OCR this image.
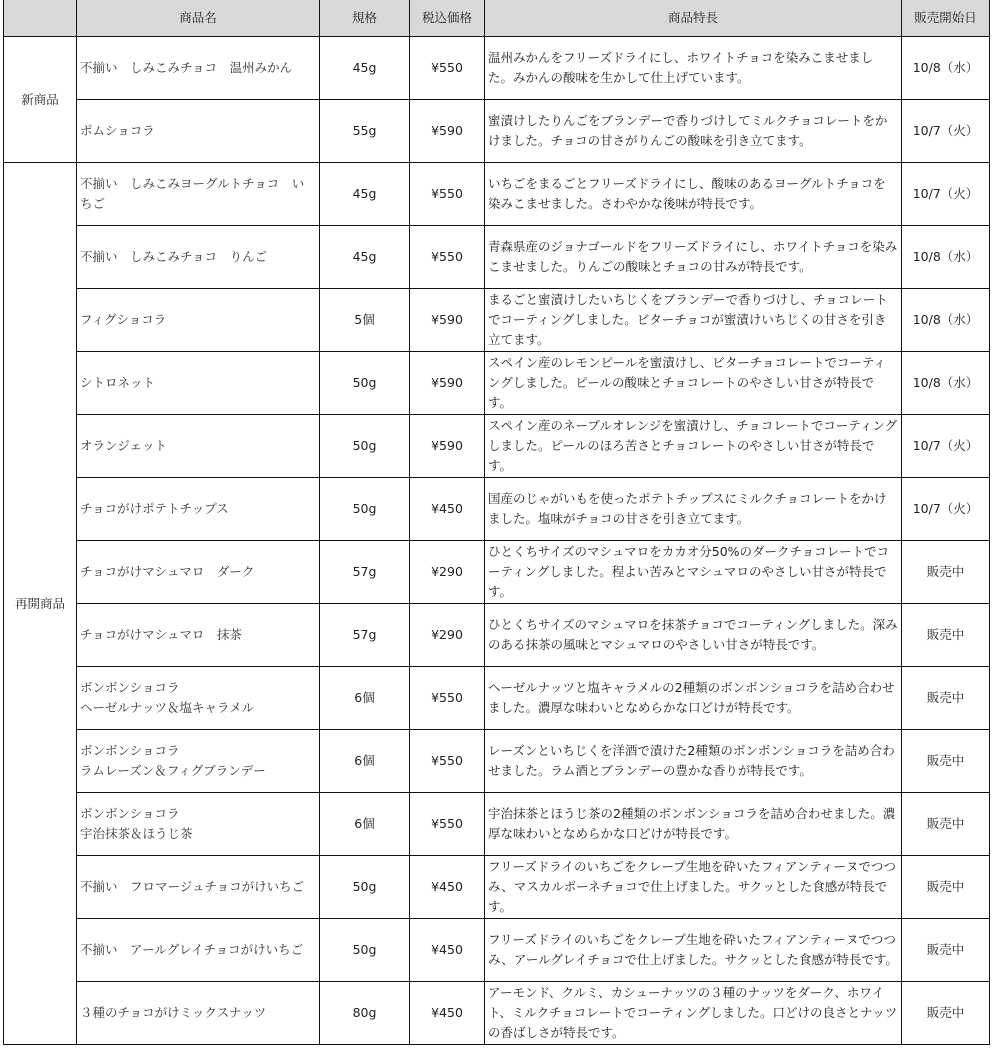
	商品名	規格	税込価格	商品特長	販売開始日
新商品	不揃い　しみこみチョコ　温州みかん	45g	¥550	温州みかんをフリーズドライにし、ホワイトチョコを染みこませました。みかんの酸味を生かして仕上げています。	10/8（水）

	ポムショコラ	55g	¥590	蜜漬けしたりんごをブランデーで香りづけしてミルクチョコレートをかけました。チョコの甘さがりんごの酸味を引き立てます。	10/7（火）
再開商品	不揃い　しみこみヨーグルトチョコ　いちご	45g	¥550	いちごをまるごとフリーズドライにし、酸味のあるヨーグルトチョコを染みこませました。さわやかな後味が特長です。	10/7（火）

	不揃い　しみこみチョコ　りんご	45g	¥550	青森県産のジョナゴールドをフリーズドライにし、ホワイトチョコを染みこませました。りんごの酸味とチョコの甘みが特長です。	10/8（水）

	フィグショコラ	5個	¥590	まるごと蜜漬けしたいちじくをブランデーで香りづけし、チョコレートでコーティングしました。ビターチョコが蜜漬けいちじくの甘さを引き立てます。	10/8（水）

	シトロネット	50g	¥590	スペイン産のレモンピールを蜜漬けし、ビターチョコレートでコーティングしました。ピールの酸味とチョコレートのやさしい甘さが特長です。	10/8（水）

	オランジェット	50g	¥590	スペイン産のネーブルオレンジを蜜漬けし、チョコレートでコーティングしました。ピールのほろ苦さとチョコレートのやさしい甘さが特長です。	10/7（火）

	チョコがけポテトチップス	50g	¥450	国産のじゃがいもを使ったポテトチップスにミルクチョコレートをかけました。塩味がチョコの甘さを引き立てます。	10/7（火）

	チョコがけマシュマロ　ダーク	57g	¥290	ひとくちサイズのマシュマロをカカオ分50%のダークチョコレートでコーティングしました。程よい苦みとマシュマロのやさしい甘さが特長です。	販売中

	チョコがけマシュマロ　抹茶	57g	¥290	ひとくちサイズのマシュマロを抹茶チョコでコーティングしました。深みのある抹茶の風味とマシュマロのやさしい甘さが特長です。	販売中

	ボンボンショコラ
ヘーゼルナッツ＆塩キャラメル	6個	¥550	ヘーゼルナッツと塩キャラメルの2種類のボンボンショコラを詰め合わせました。濃厚な味わいとなめらかな口どけが特長です。	販売中

	ボンボンショコラ
ラムレーズン＆フィグブランデー	6個	¥550	レーズンといちじくを洋酒で漬けた2種類のボンボンショコラを詰め合わせました。ラム酒とブランデーの豊かな香りが特長です。	販売中

	ボンボンショコラ
宇治抹茶＆ほうじ茶	6個	¥550	宇治抹茶とほうじ茶の2種類のボンボンショコラを詰め合わせました。濃厚な味わいとなめらかな口どけが特長です。	販売中

	不揃い　フロマージュチョコがけいちご	50g	¥450	フリーズドライのいちごをクレープ生地を砕いたフィアンティーヌでつつみ、マスカルポーネチョコで仕上げました。サクッとした食感が特長です。	販売中

	不揃い　アールグレイチョコがけいちご	50g	¥450	フリーズドライのいちごをクレープ生地を砕いたフィアンティーヌでつつみ、アールグレイチョコで仕上げました。サクッとした食感が特長です。	販売中

	３種のチョコがけミックスナッツ	80g	¥450	アーモンド、クルミ、カシューナッツの３種のナッツをダーク、ホワイト、ミルクチョコレートでコーティングしました。口どけの良さとナッツの香ばしさが特長です。	販売中
